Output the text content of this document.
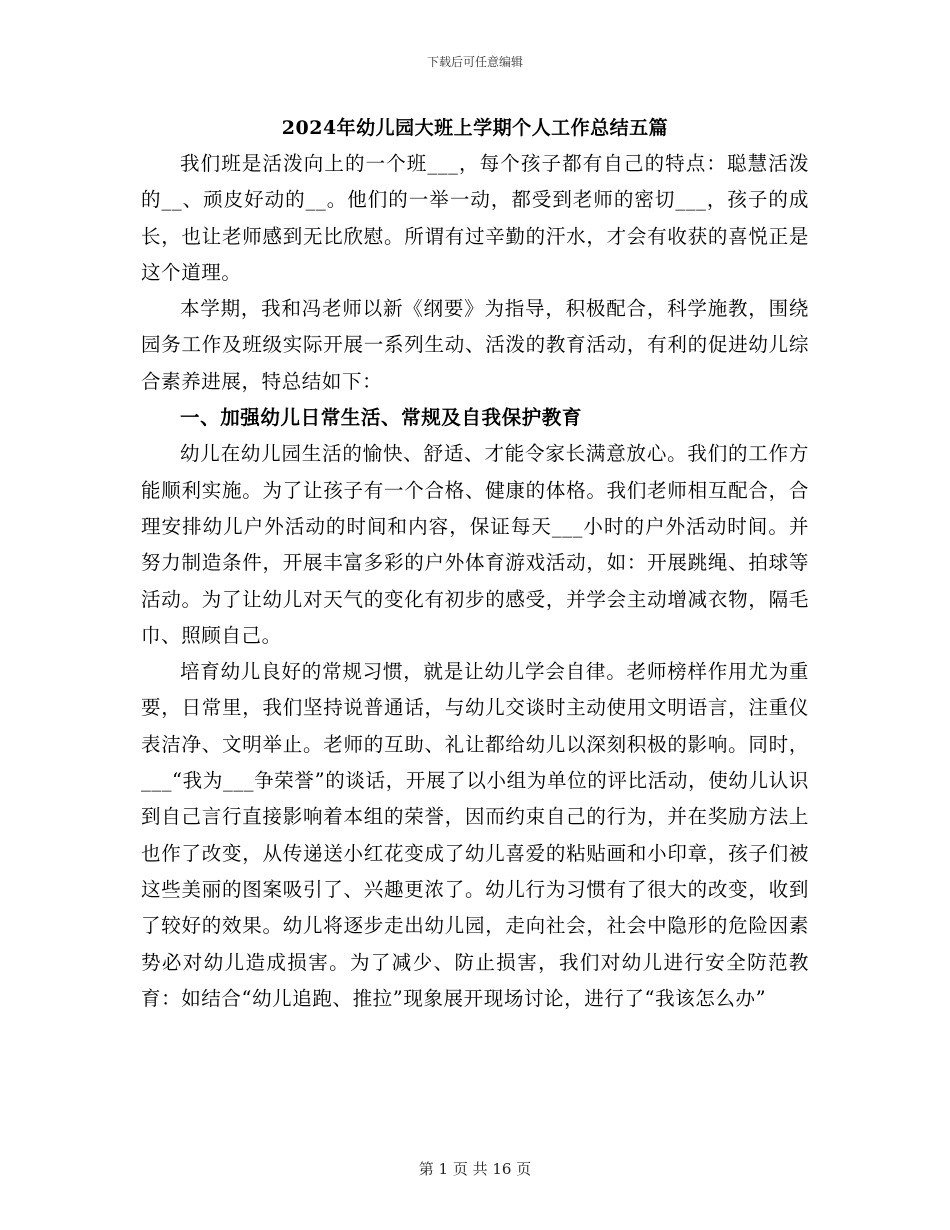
下载后可任意编辑
2024年幼儿园大班上学期个人工作总结五篇

我们班是活泼向上的一个班___，每个孩子都有自己的特点：聪慧活泼的__、顽皮好动的__。他们的一举一动，都受到老师的密切___，孩子的成长，也让老师感到无比欣慰。所谓有过辛勤的汗水，才会有收获的喜悦正是这个道理。

本学期，我和冯老师以新《纲要》为指导，积极配合，科学施教，围绕园务工作及班级实际开展一系列生动、活泼的教育活动，有利的促进幼儿综合素养进展，特总结如下：

一、加强幼儿日常生活、常规及自我保护教育

幼儿在幼儿园生活的愉快、舒适、才能令家长满意放心。我们的工作方能顺利实施。为了让孩子有一个合格、健康的体格。我们老师相互配合，合理安排幼儿户外活动的时间和内容，保证每天___小时的户外活动时间。并努力制造条件，开展丰富多彩的户外体育游戏活动，如：开展跳绳、拍球等活动。为了让幼儿对天气的变化有初步的感受，并学会主动增减衣物，隔毛巾、照顾自己。

培育幼儿良好的常规习惯，就是让幼儿学会自律。老师榜样作用尤为重要，日常里，我们坚持说普通话，与幼儿交谈时主动使用文明语言，注重仪表洁净、文明举止。老师的互助、礼让都给幼儿以深刻积极的影响。同时，___“我为___争荣誉”的谈话，开展了以小组为单位的评比活动，使幼儿认识到自己言行直接影响着本组的荣誉，因而约束自己的行为，并在奖励方法上也作了改变，从传递送小红花变成了幼儿喜爱的粘贴画和小印章，孩子们被这些美丽的图案吸引了、兴趣更浓了。幼儿行为习惯有了很大的改变，收到了较好的效果。幼儿将逐步走出幼儿园，走向社会，社会中隐形的危险因素势必对幼儿造成损害。为了减少、防止损害，我们对幼儿进行安全防范教育：如结合“幼儿追跑、推拉”现象展开现场讨论，进行了“我该怎么办”

第 1 页 共 16 页
